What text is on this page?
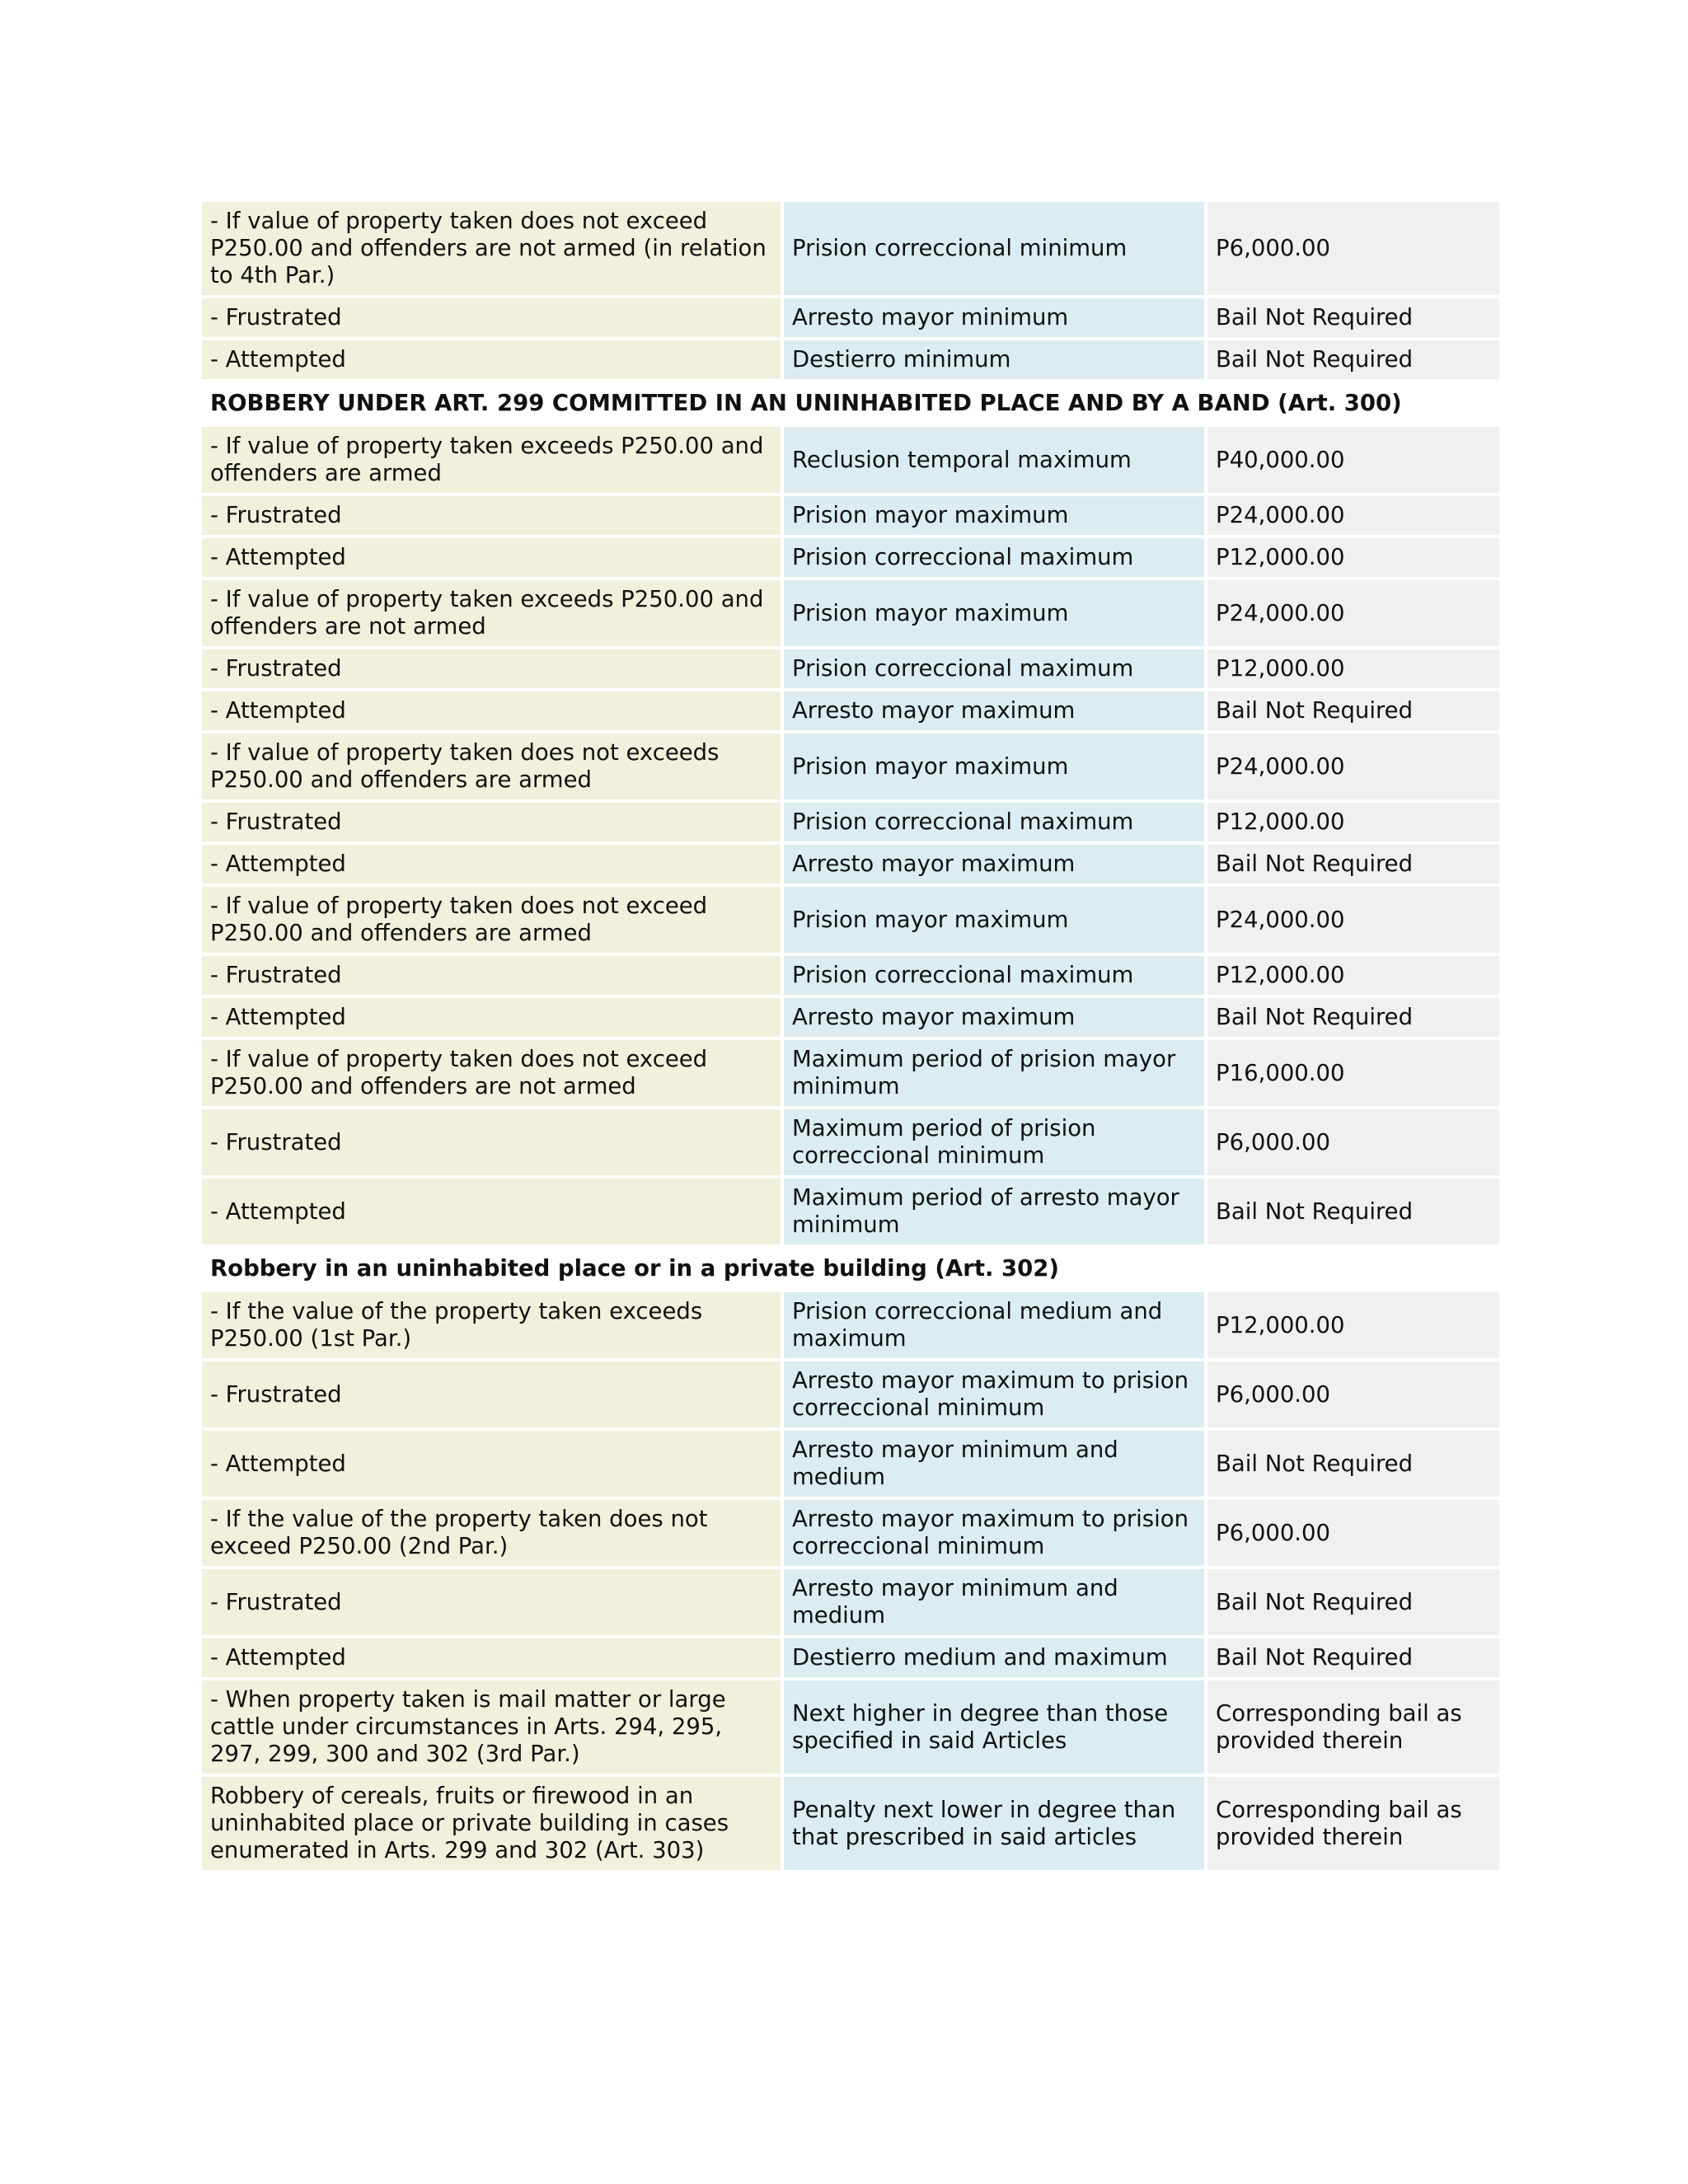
- If value of property taken does not exceed P250.00 and offenders are not armed (in relation to 4th Par.)	Prision correccional minimum	P6,000.00
- Frustrated	Arresto mayor minimum	Bail Not Required
- Attempted	Destierro minimum	Bail Not Required
ROBBERY UNDER ART. 299 COMMITTED IN AN UNINHABITED PLACE AND BY A BAND (Art. 300)		
- If value of property taken exceeds P250.00 and offenders are armed	Reclusion temporal maximum	P40,000.00
- Frustrated	Prision mayor maximum	P24,000.00
- Attempted	Prision correccional maximum	P12,000.00
- If value of property taken exceeds P250.00 and offenders are not armed	Prision mayor maximum	P24,000.00
- Frustrated	Prision correccional maximum	P12,000.00
- Attempted	Arresto mayor maximum	Bail Not Required
- If value of property taken does not exceeds P250.00 and offenders are armed	Prision mayor maximum	P24,000.00
- Frustrated	Prision correccional maximum	P12,000.00
- Attempted	Arresto mayor maximum	Bail Not Required
- If value of property taken does not exceed P250.00 and offenders are armed	Prision mayor maximum	P24,000.00
- Frustrated	Prision correccional maximum	P12,000.00
- Attempted	Arresto mayor maximum	Bail Not Required
- If value of property taken does not exceed P250.00 and offenders are not armed	Maximum period of prision mayor minimum	P16,000.00
- Frustrated	Maximum period of prision correccional minimum	P6,000.00
- Attempted	Maximum period of arresto mayor minimum	Bail Not Required
Robbery in an uninhabited place or in a private building (Art. 302)		
- If the value of the property taken exceeds P250.00 (1st Par.)	Prision correccional medium and maximum	P12,000.00
- Frustrated	Arresto mayor maximum to prision correccional minimum	P6,000.00
- Attempted	Arresto mayor minimum and medium	Bail Not Required
- If the value of the property taken does not exceed P250.00 (2nd Par.)	Arresto mayor maximum to prision correccional minimum	P6,000.00
- Frustrated	Arresto mayor minimum and medium	Bail Not Required
- Attempted	Destierro medium and maximum	Bail Not Required
- When property taken is mail matter or large cattle under circumstances in Arts. 294, 295, 297, 299, 300 and 302 (3rd Par.)	Next higher in degree than those specified in said Articles	Corresponding bail as provided therein
Robbery of cereals, fruits or firewood in an uninhabited place or private building in cases enumerated in Arts. 299 and 302 (Art. 303)	Penalty next lower in degree than that prescribed in said articles	Corresponding bail as provided therein
